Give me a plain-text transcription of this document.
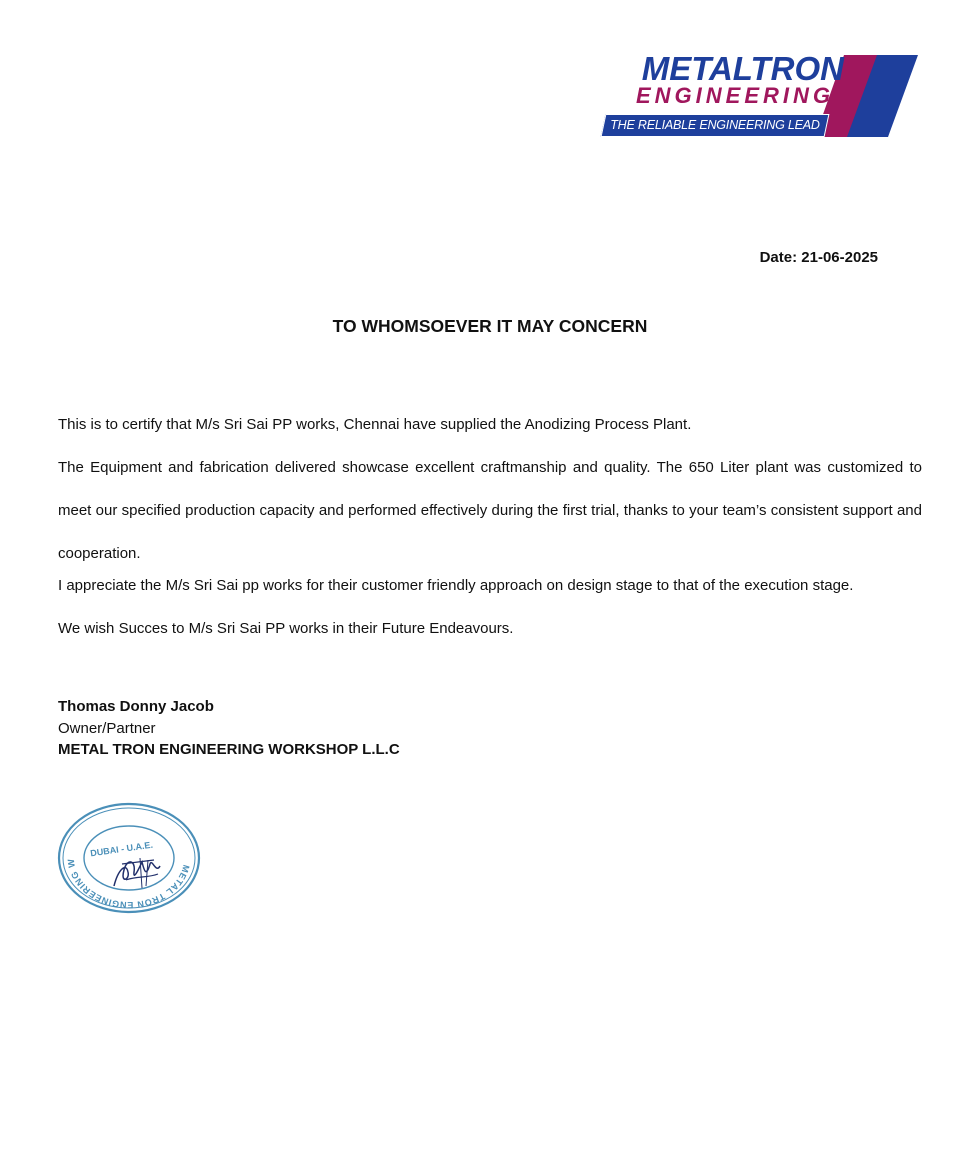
METALTRON
ENGINEERING
THE RELIABLE ENGINEERING LEAD
Date: 21-06-2025
TO WHOMSOEVER IT MAY CONCERN

This is to certify that M/s Sri Sai PP works, Chennai have supplied the Anodizing Process Plant.

The Equipment and fabrication delivered showcase excellent craftmanship and quality. The 650 Liter plant was customized to meet our specified production capacity and performed effectively during the first trial, thanks to your team’s consistent support and cooperation.

I appreciate the M/s Sri Sai pp works for their customer friendly approach on design stage to that of the execution stage.

We wish Succes to M/s Sri Sai PP works in their Future Endeavours.

Thomas Donny Jacob
Owner/Partner
METAL TRON ENGINEERING WORKSHOP L.L.C
METAL TRON ENGINEERING W
DUBAI - U.A.E.
